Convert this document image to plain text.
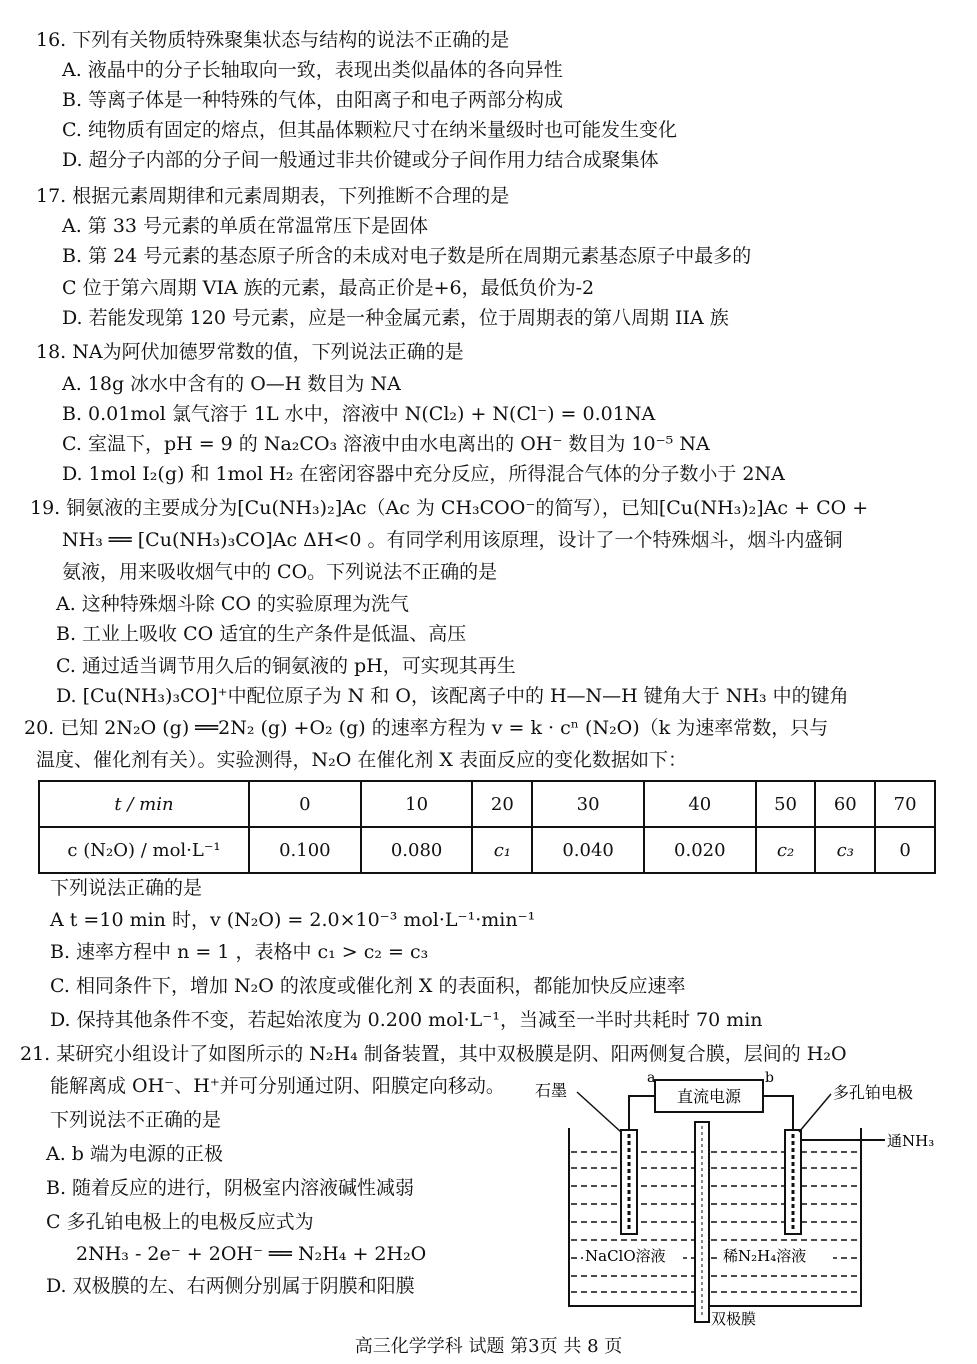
16. 下列有关物质特殊聚集状态与结构的说法不正确的是
A. 液晶中的分子长轴取向一致，表现出类似晶体的各向异性
B. 等离子体是一种特殊的气体，由阳离子和电子两部分构成
C. 纯物质有固定的熔点，但其晶体颗粒尺寸在纳米量级时也可能发生变化
D. 超分子内部的分子间一般通过非共价键或分子间作用力结合成聚集体
17. 根据元素周期律和元素周期表，下列推断不合理的是
A. 第 33 号元素的单质在常温常压下是固体
B. 第 24 号元素的基态原子所含的未成对电子数是所在周期元素基态原子中最多的
C 位于第六周期 VIA 族的元素，最高正价是+6，最低负价为-2
D. 若能发现第 120 号元素，应是一种金属元素，位于周期表的第八周期 IIA 族
18. NA为阿伏加德罗常数的值，下列说法正确的是
A. 18g 冰水中含有的 O—H 数目为 NA
B. 0.01mol 氯气溶于 1L 水中，溶液中 N(Cl₂) + N(Cl⁻) = 0.01NA
C. 室温下，pH = 9 的 Na₂CO₃ 溶液中由水电离出的 OH⁻ 数目为 10⁻⁵ NA
D. 1mol I₂(g) 和 1mol H₂ 在密闭容器中充分反应，所得混合气体的分子数小于 2NA
19. 铜氨液的主要成分为[Cu(NH₃)₂]Ac（Ac 为 CH₃COO⁻的简写），已知[Cu(NH₃)₂]Ac + CO +
NH₃ ══ [Cu(NH₃)₃CO]Ac ΔH<0 。有同学利用该原理，设计了一个特殊烟斗，烟斗内盛铜
氨液，用来吸收烟气中的 CO。下列说法不正确的是
A. 这种特殊烟斗除 CO 的实验原理为洗气
B. 工业上吸收 CO 适宜的生产条件是低温、高压
C. 通过适当调节用久后的铜氨液的 pH，可实现其再生
D. [Cu(NH₃)₃CO]⁺中配位原子为 N 和 O，该配离子中的 H—N—H 键角大于 NH₃ 中的键角
20. 已知 2N₂O (g) ══2N₂ (g) +O₂ (g) 的速率方程为 v = k · cⁿ (N₂O)（k 为速率常数，只与
温度、催化剂有关）。实验测得，N₂O 在催化剂 X 表面反应的变化数据如下：
t / min	0	10	20	30	40	50	60	70
c (N₂O) / mol·L⁻¹	0.100	0.080	c₁	0.040	0.020	c₂	c₃	0
下列说法正确的是
A t =10 min 时，v (N₂O) = 2.0×10⁻³ mol·L⁻¹·min⁻¹
B. 速率方程中 n = 1 ，表格中 c₁ > c₂ = c₃
C. 相同条件下，增加 N₂O 的浓度或催化剂 X 的表面积，都能加快反应速率
D. 保持其他条件不变，若起始浓度为 0.200 mol·L⁻¹，当减至一半时共耗时 70 min
21. 某研究小组设计了如图所示的 N₂H₄ 制备装置，其中双极膜是阴、阳两侧复合膜，层间的 H₂O
能解离成 OH⁻、H⁺并可分别通过阴、阳膜定向移动。
下列说法不正确的是
A. b 端为电源的正极
B. 随着反应的进行，阴极室内溶液碱性减弱
C 多孔铂电极上的电极反应式为
2NH₃ - 2e⁻ + 2OH⁻ ══ N₂H₄ + 2H₂O
D. 双极膜的左、右两侧分别属于阴膜和阳膜
直流电源
a	b
石墨	多孔铂电极
通NH₃
NaClO溶液	稀N₂H₄溶液
双极膜
高三化学学科 试题 第3页 共 8 页
